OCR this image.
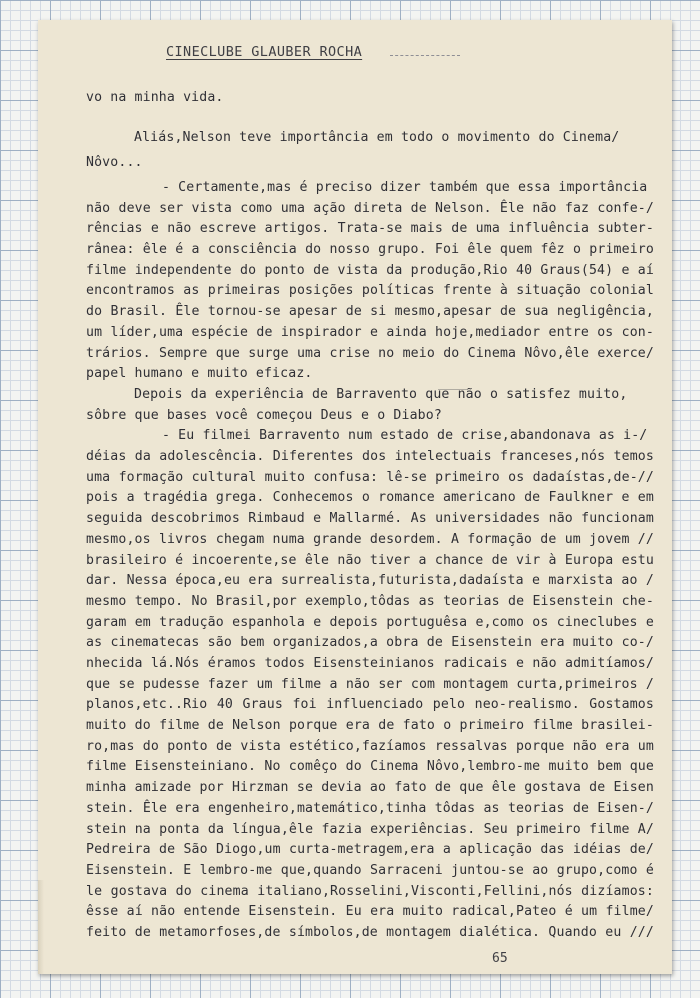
CINECLUBE GLAUBER ROCHA
vo na minha vida.
Aliás,Nelson teve importância em todo o movimento do Cinema/
Nôvo...
- Certamente,mas é preciso dizer também que essa importância
não deve ser vista como uma ação direta de Nelson. Êle não faz confe-/
rências e não escreve artigos. Trata-se mais de uma influência subter-
rânea: êle é a consciência do nosso grupo. Foi êle quem fêz o primeiro
filme independente do ponto de vista da produção,Rio 40 Graus(54) e aí
encontramos as primeiras posições políticas frente à situação colonial
do Brasil. Êle tornou-se apesar de si mesmo,apesar de sua negligência,
um líder,uma espécie de inspirador e ainda hoje,mediador entre os con-
trários. Sempre que surge uma crise no meio do Cinema Nôvo,êle exerce/
papel humano e muito eficaz.
Depois da experiência de Barravento que não o satisfez muito,
sôbre que bases você começou Deus e o Diabo?
- Eu filmei Barravento num estado de crise,abandonava as i-/
déias da adolescência. Diferentes dos intelectuais franceses,nós temos
uma formação cultural muito confusa: lê-se primeiro os dadaístas,de-//
pois a tragédia grega. Conhecemos o romance americano de Faulkner e em
seguida descobrimos Rimbaud e Mallarmé. As universidades não funcionam
mesmo,os livros chegam numa grande desordem. A formação de um jovem //
brasileiro é incoerente,se êle não tiver a chance de vir à Europa estu
dar. Nessa época,eu era surrealista,futurista,dadaísta e marxista ao /
mesmo tempo. No Brasil,por exemplo,tôdas as teorias de Eisenstein che-
garam em tradução espanhola e depois portuguêsa e,como os cineclubes e
as cinematecas são bem organizados,a obra de Eisenstein era muito co-/
nhecida lá.Nós éramos todos Eisensteinianos radicais e não admitíamos/
que se pudesse fazer um filme a não ser com montagem curta,primeiros /
planos,etc..Rio 40 Graus foi influenciado pelo neo-realismo. Gostamos
muito do filme de Nelson porque era de fato o primeiro filme brasilei-
ro,mas do ponto de vista estético,fazíamos ressalvas porque não era um
filme Eisensteiniano. No comêço do Cinema Nôvo,lembro-me muito bem que
minha amizade por Hirzman se devia ao fato de que êle gostava de Eisen
stein. Êle era engenheiro,matemático,tinha tôdas as teorias de Eisen-/
stein na ponta da língua,êle fazia experiências. Seu primeiro filme A/
Pedreira de São Diogo,um curta-metragem,era a aplicação das idéias de/
Eisenstein. E lembro-me que,quando Sarraceni juntou-se ao grupo,como é
le gostava do cinema italiano,Rosselini,Visconti,Fellini,nós dizíamos:
êsse aí não entende Eisenstein. Eu era muito radical,Pateo é um filme/
feito de metamorfoses,de símbolos,de montagem dialética. Quando eu ///
65
